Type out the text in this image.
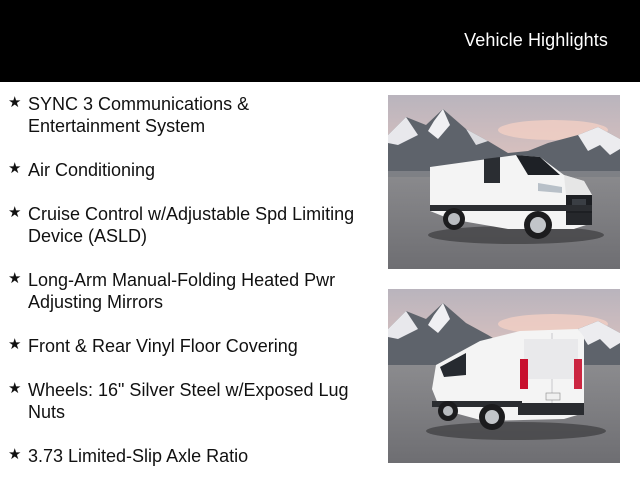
Vehicle Highlights
★ SYNC 3 Communications & Entertainment System
★ Air Conditioning
★ Cruise Control w/Adjustable Spd Limiting Device (ASLD)
★ Long-Arm Manual-Folding Heated Pwr Adjusting Mirrors
★ Front & Rear Vinyl Floor Covering
★ Wheels: 16" Silver Steel w/Exposed Lug Nuts
★ 3.73 Limited-Slip Axle Ratio
